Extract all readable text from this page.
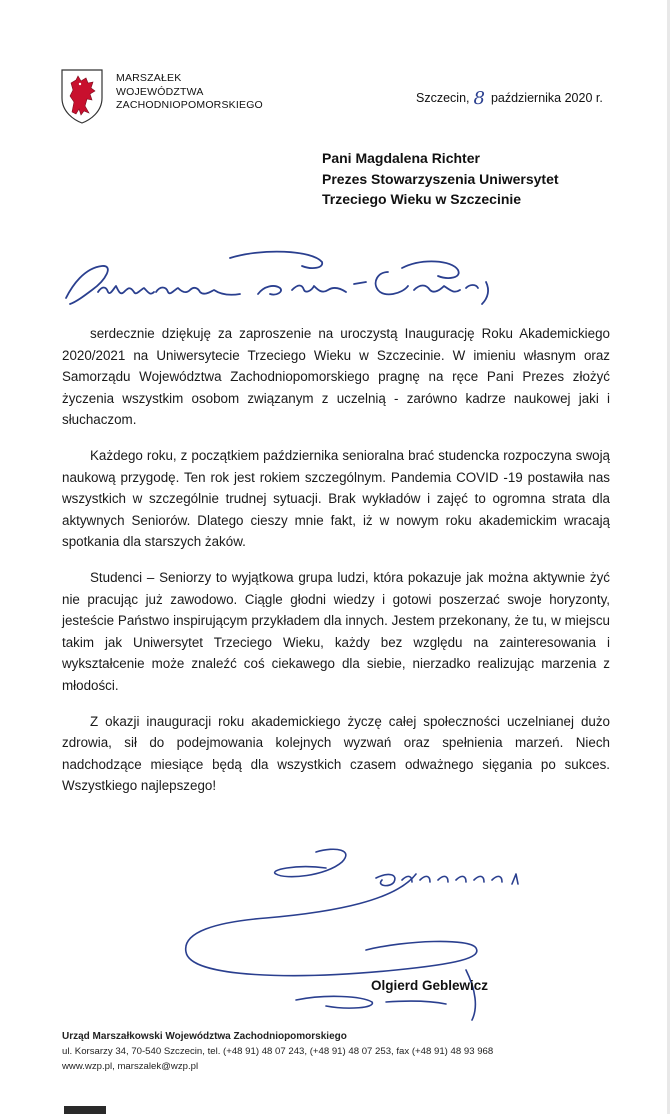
MARSZAŁEK
WOJEWÓDZTWA
ZACHODNIOPOMORSKIEGO	Szczecin, 8 października 2020 r.
Pani Magdalena Richter
Prezes Stowarzyszenia Uniwersytet
Trzeciego Wieku w Szczecinie

serdecznie dziękuję za zaproszenie na uroczystą Inaugurację Roku Akademickiego 2020/2021 na Uniwersytecie Trzeciego Wieku w Szczecinie. W imieniu własnym oraz Samorządu Województwa Zachodniopomorskiego pragnę na ręce Pani Prezes złożyć życzenia wszystkim osobom związanym z uczelnią - zarówno kadrze naukowej jaki i słuchaczom.

Każdego roku, z początkiem października senioralna brać studencka rozpoczyna swoją naukową przygodę. Ten rok jest rokiem szczególnym. Pandemia COVID -19 postawiła nas wszystkich w szczególnie trudnej sytuacji. Brak wykładów i zajęć to ogromna strata dla aktywnych Seniorów. Dlatego cieszy mnie fakt, iż w nowym roku akademickim wracają spotkania dla starszych żaków.

Studenci – Seniorzy to wyjątkowa grupa ludzi, która pokazuje jak można aktywnie żyć nie pracując już zawodowo. Ciągle głodni wiedzy i gotowi poszerzać swoje horyzonty, jesteście Państwo inspirującym przykładem dla innych. Jestem przekonany, że tu, w miejscu takim jak Uniwersytet Trzeciego Wieku, każdy bez względu na zainteresowania i wykształcenie może znaleźć coś ciekawego dla siebie, nierzadko realizując marzenia z młodości.

Z okazji inauguracji roku akademickiego życzę całej społeczności uczelnianej dużo zdrowia, sił do podejmowania kolejnych wyzwań oraz spełnienia marzeń. Niech nadchodzące miesiące będą dla wszystkich czasem odważnego sięgania po sukces. Wszystkiego najlepszego!

Olgierd Geblewicz
Urząd Marszałkowski Województwa Zachodniopomorskiego
ul. Korsarzy 34, 70-540 Szczecin, tel. (+48 91) 48 07 243, (+48 91) 48 07 253, fax (+48 91) 48 93 968
www.wzp.pl, marszalek@wzp.pl
